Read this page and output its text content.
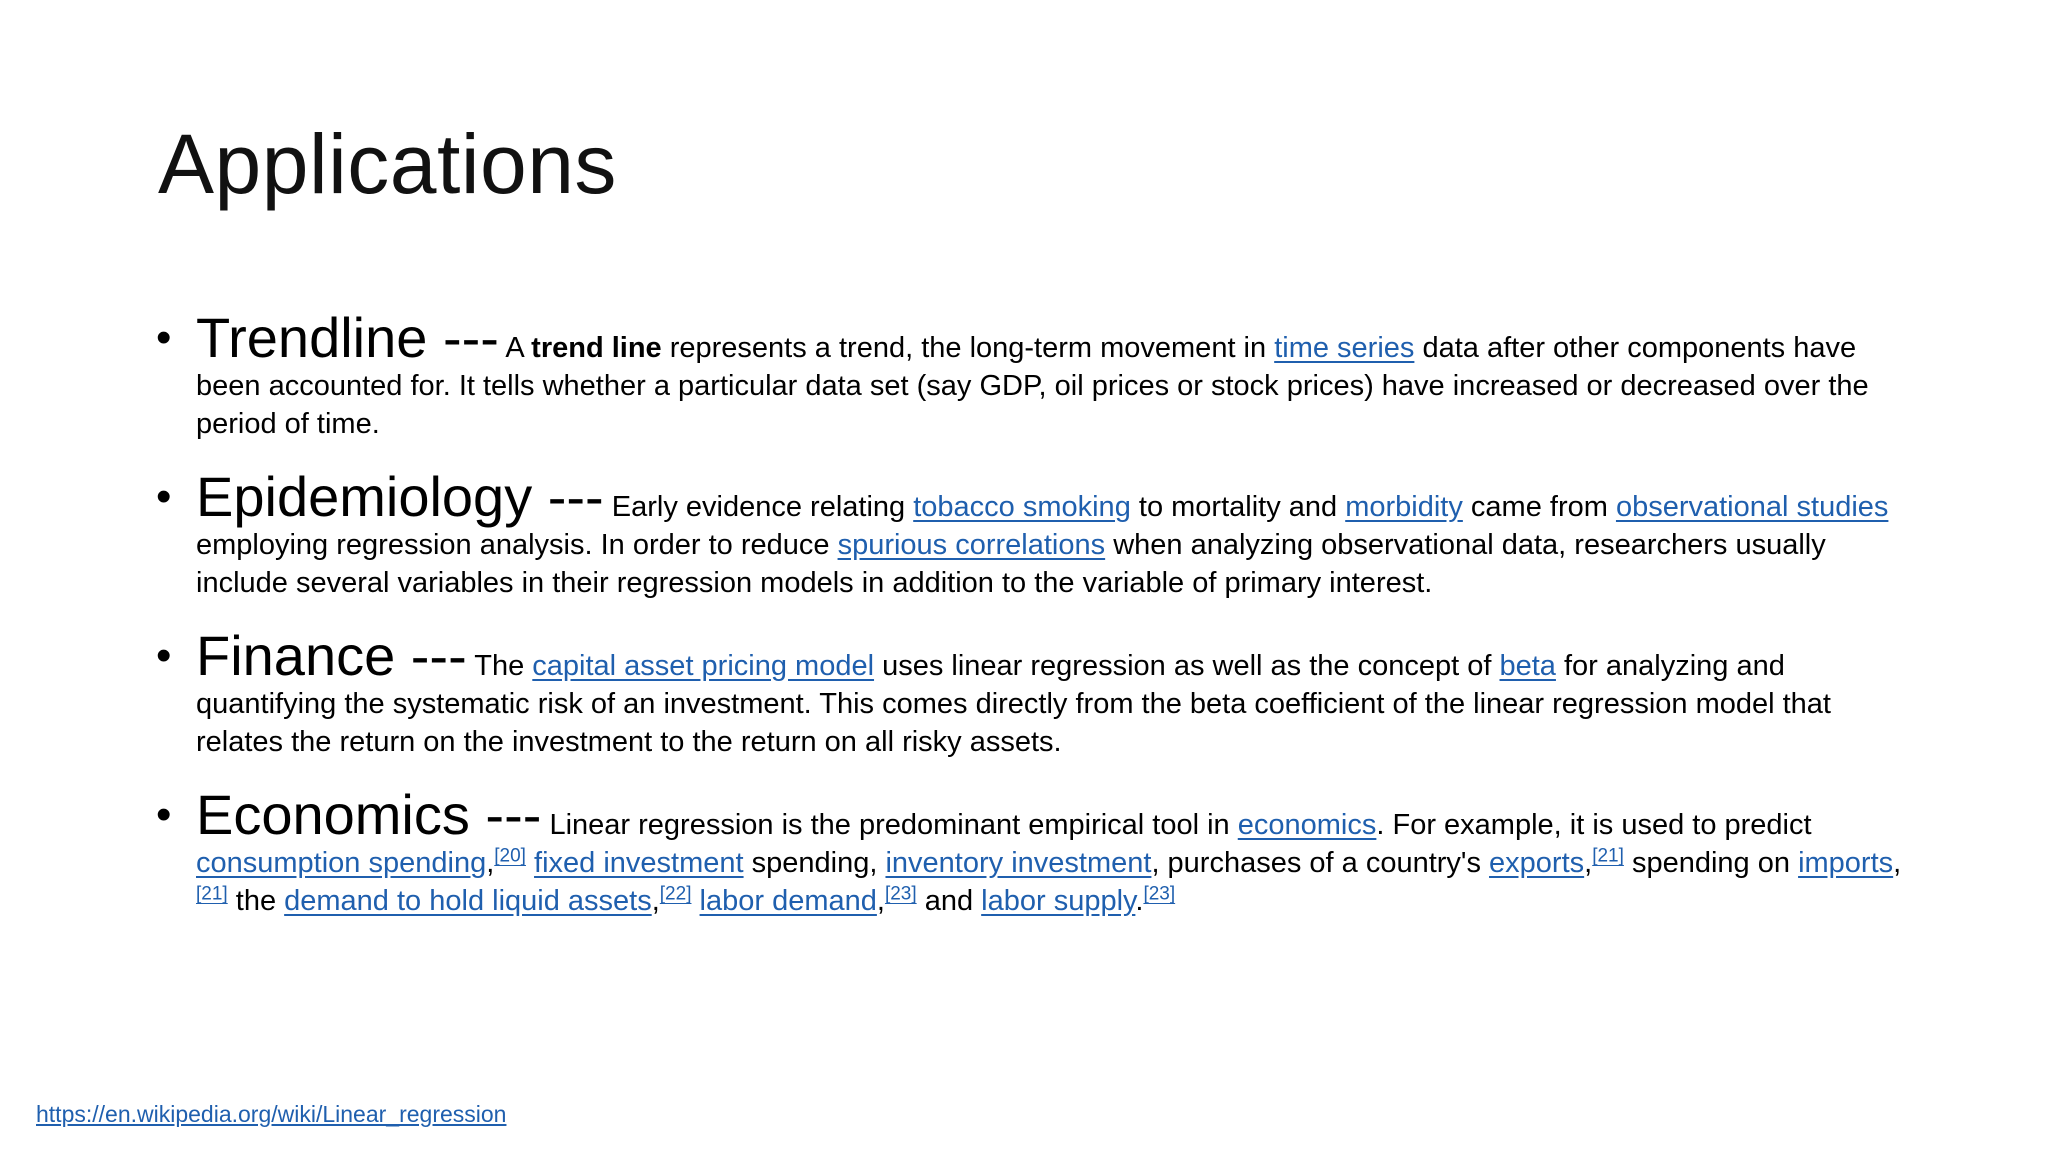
Applications
• Trendline --- A trend line represents a trend, the long-term movement in time series data after other components have been accounted for. It tells whether a particular data set (say GDP, oil prices or stock prices) have increased or decreased over the period of time.
• Epidemiology --- Early evidence relating tobacco smoking to mortality and morbidity came from observational studies employing regression analysis. In order to reduce spurious correlations when analyzing observational data, researchers usually include several variables in their regression models in addition to the variable of primary interest.
• Finance --- The capital asset pricing model uses linear regression as well as the concept of beta for analyzing and quantifying the systematic risk of an investment. This comes directly from the beta coefficient of the linear regression model that relates the return on the investment to the return on all risky assets.
• Economics --- Linear regression is the predominant empirical tool in economics. For example, it is used to predict consumption spending,[20] fixed investment spending, inventory investment, purchases of a country's exports,[21] spending on imports,[21] the demand to hold liquid assets,[22] labor demand,[23] and labor supply.[23]
https://en.wikipedia.org/wiki/Linear_regression
